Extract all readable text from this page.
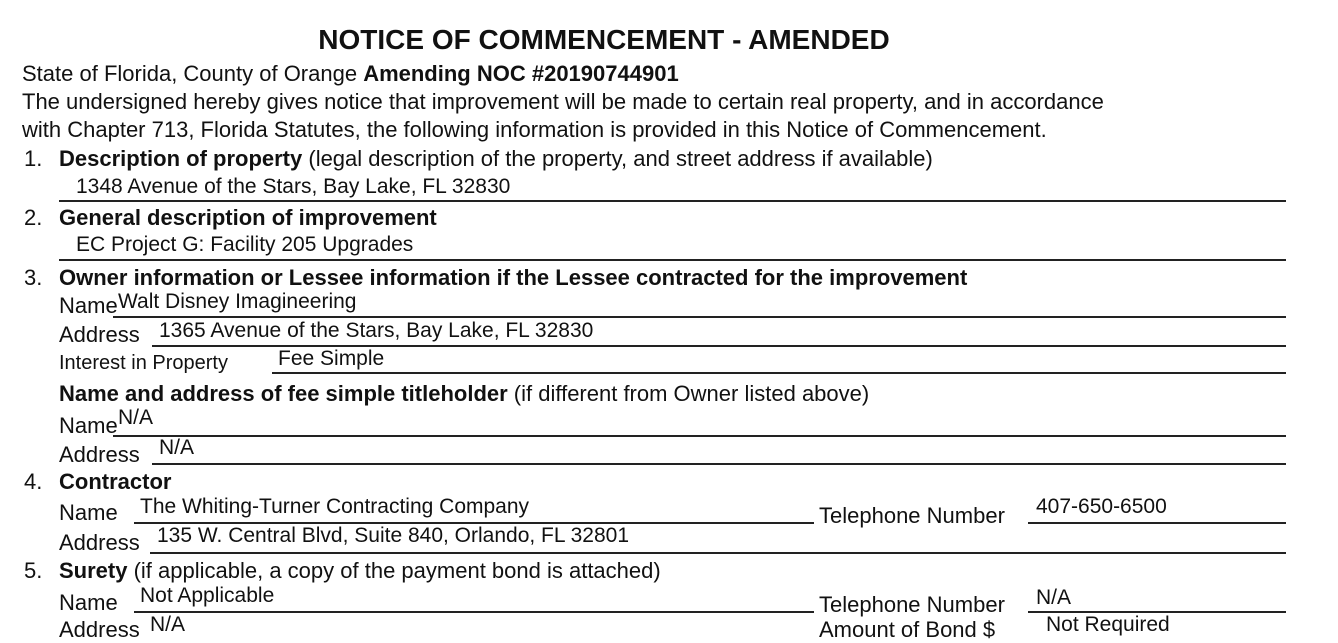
NOTICE OF COMMENCEMENT - AMENDED
State of Florida, County of Orange Amending NOC #20190744901
The undersigned hereby gives notice that improvement will be made to certain real property, and in accordance
with Chapter 713, Florida Statutes, the following information is provided in this Notice of Commencement.
1. Description of property (legal description of the property, and street address if available)
1348 Avenue of the Stars, Bay Lake, FL 32830
2. General description of improvement
EC Project G: Facility 205 Upgrades
3. Owner information or Lessee information if the Lessee contracted for the improvement
Name Walt Disney Imagineering
Address 1365 Avenue of the Stars, Bay Lake, FL 32830
Interest in Property Fee Simple
Name and address of fee simple titleholder (if different from Owner listed above)
Name N/A
Address N/A
4. Contractor
Name The Whiting-Turner Contracting Company	Telephone Number 407-650-6500
Address 135 W. Central Blvd, Suite 840, Orlando, FL 32801
5. Surety (if applicable, a copy of the payment bond is attached)
Name Not Applicable	Telephone Number N/A
Address N/A	Amount of Bond $ Not Required
